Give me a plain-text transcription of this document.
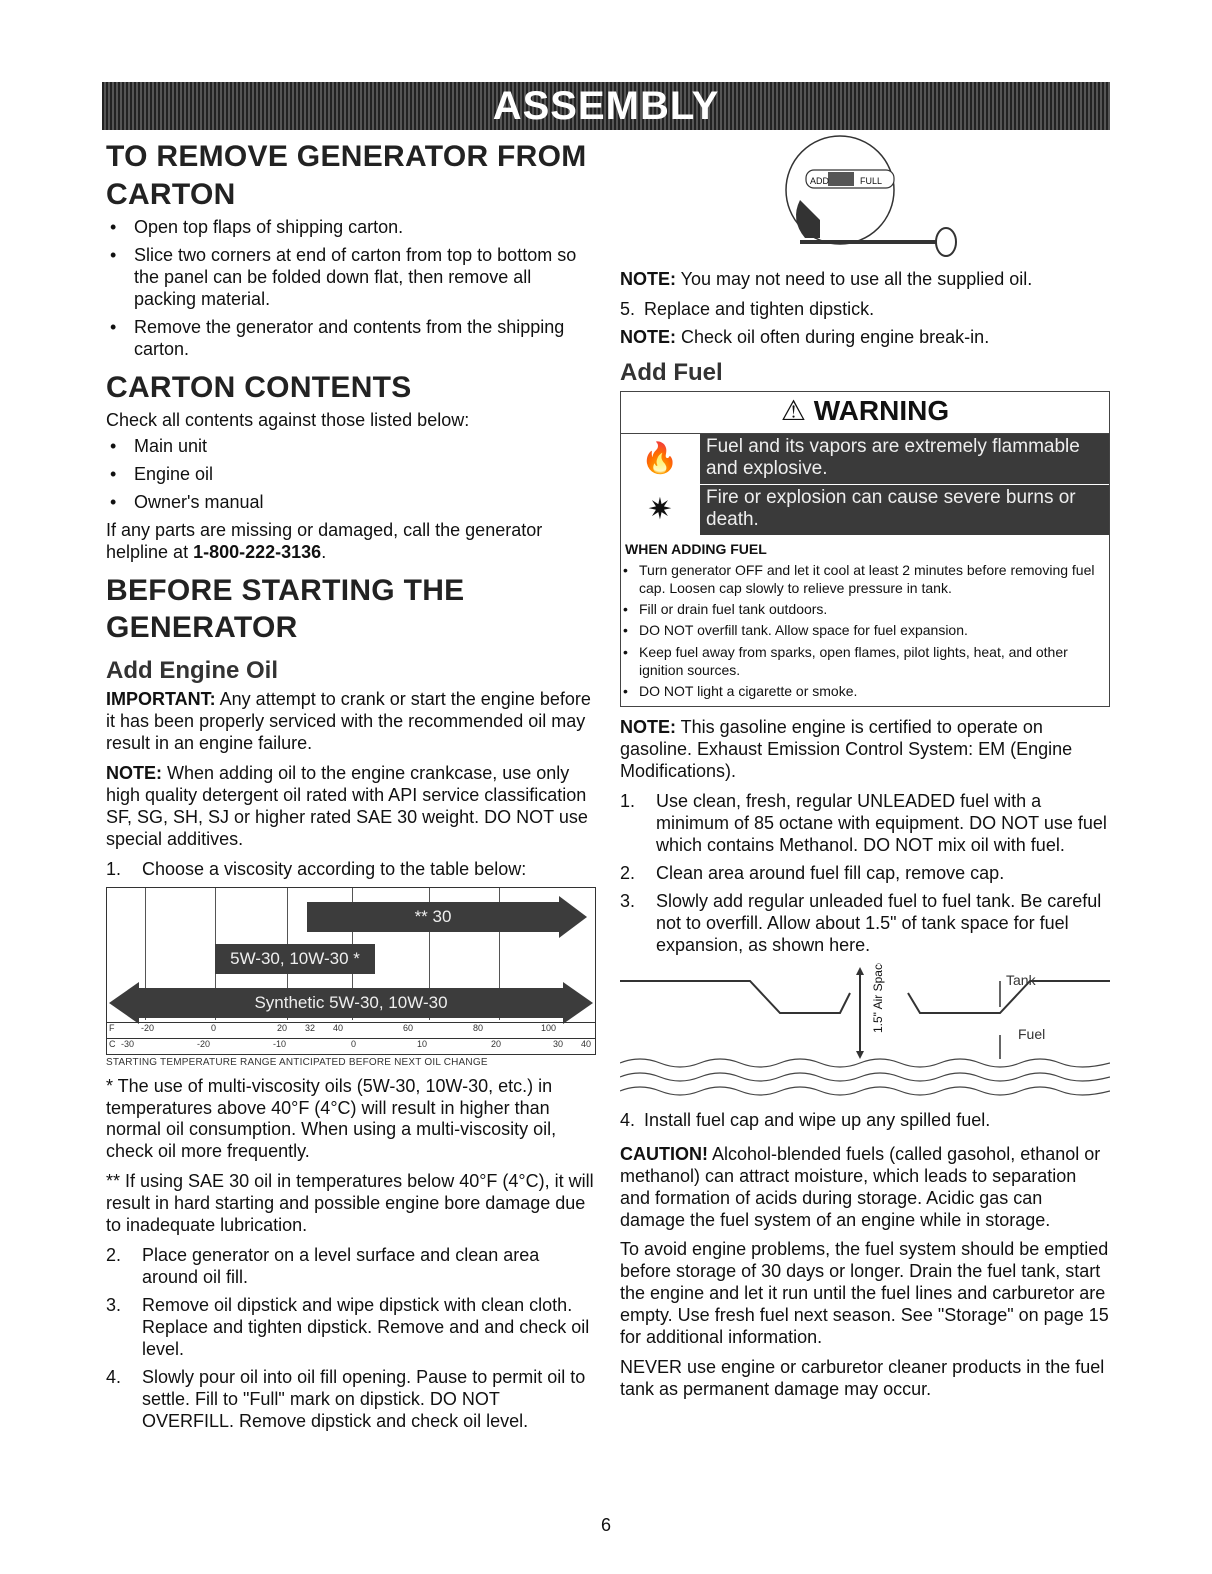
ASSEMBLY
TO REMOVE GENERATOR FROM CARTON
• Open top flaps of shipping carton.
• Slice two corners at end of carton from top to bottom so the panel can be folded down flat, then remove all packing material.
• Remove the generator and contents from the shipping carton.
CARTON CONTENTS

Check all contents against those listed below:

• Main unit
• Engine oil
• Owner's manual

If any parts are missing or damaged, call the generator helpline at 1-800-222-3136.

BEFORE STARTING THE GENERATOR
Add Engine Oil

IMPORTANT: Any attempt to crank or start the engine before it has been properly serviced with the recommended oil may result in an engine failure.

NOTE: When adding oil to the engine crankcase, use only high quality detergent oil rated with API service classification SF, SG, SH, SJ or higher rated SAE 30 weight. DO NOT use special additives.

1. Choose a viscosity according to the table below:
** 30
5W-30, 10W-30 *
Synthetic 5W-30, 10W-30
F	-20	0	20 32 40	60	80	100
C -30	-20	-10	0	10	20	30 40
STARTING TEMPERATURE RANGE ANTICIPATED BEFORE NEXT OIL CHANGE

* The use of multi-viscosity oils (5W-30, 10W-30, etc.) in temperatures above 40°F (4°C) will result in higher than normal oil consumption. When using a multi-viscosity oil, check oil more frequently.

** If using SAE 30 oil in temperatures below 40°F (4°C), it will result in hard starting and possible engine bore damage due to inadequate lubrication.

2. Place generator on a level surface and clean area around oil fill.
3. Remove oil dipstick and wipe dipstick with clean cloth. Replace and tighten dipstick. Remove and and check oil level.
4. Slowly pour oil into oil fill opening. Pause to permit oil to settle. Fill to "Full" mark on dipstick. DO NOT OVERFILL. Remove dipstick and check oil level.
ADD	FULL

NOTE: You may not need to use all the supplied oil.

5. Replace and tighten dipstick.

NOTE: Check oil often during engine break-in.

Add Fuel
⚠ WARNING
🔥	Fuel and its vapors are extremely flammable and explosive.
✷	Fire or explosion can cause severe burns or death.
WHEN ADDING FUEL
• Turn generator OFF and let it cool at least 2 minutes before removing fuel cap. Loosen cap slowly to relieve pressure in tank.
• Fill or drain fuel tank outdoors.
• DO NOT overfill tank. Allow space for fuel expansion.
• Keep fuel away from sparks, open flames, pilot lights, heat, and other ignition sources.
• DO NOT light a cigarette or smoke.

NOTE: This gasoline engine is certified to operate on gasoline. Exhaust Emission Control System: EM (Engine Modifications).

1. Use clean, fresh, regular UNLEADED fuel with a minimum of 85 octane with equipment. DO NOT use fuel which contains Methanol. DO NOT mix oil with fuel.
2. Clean area around fuel fill cap, remove cap.
3. Slowly add regular unleaded fuel to fuel tank. Be careful not to overfill. Allow about 1.5" of tank space for fuel expansion, as shown here.
1.5" Air Space	Tank
Fuel
4. Install fuel cap and wipe up any spilled fuel.

CAUTION! Alcohol-blended fuels (called gasohol, ethanol or methanol) can attract moisture, which leads to separation and formation of acids during storage. Acidic gas can damage the fuel system of an engine while in storage.

To avoid engine problems, the fuel system should be emptied before storage of 30 days or longer. Drain the fuel tank, start the engine and let it run until the fuel lines and carburetor are empty. Use fresh fuel next season. See "Storage" on page 15 for additional information.

NEVER use engine or carburetor cleaner products in the fuel tank as permanent damage may occur.

6
